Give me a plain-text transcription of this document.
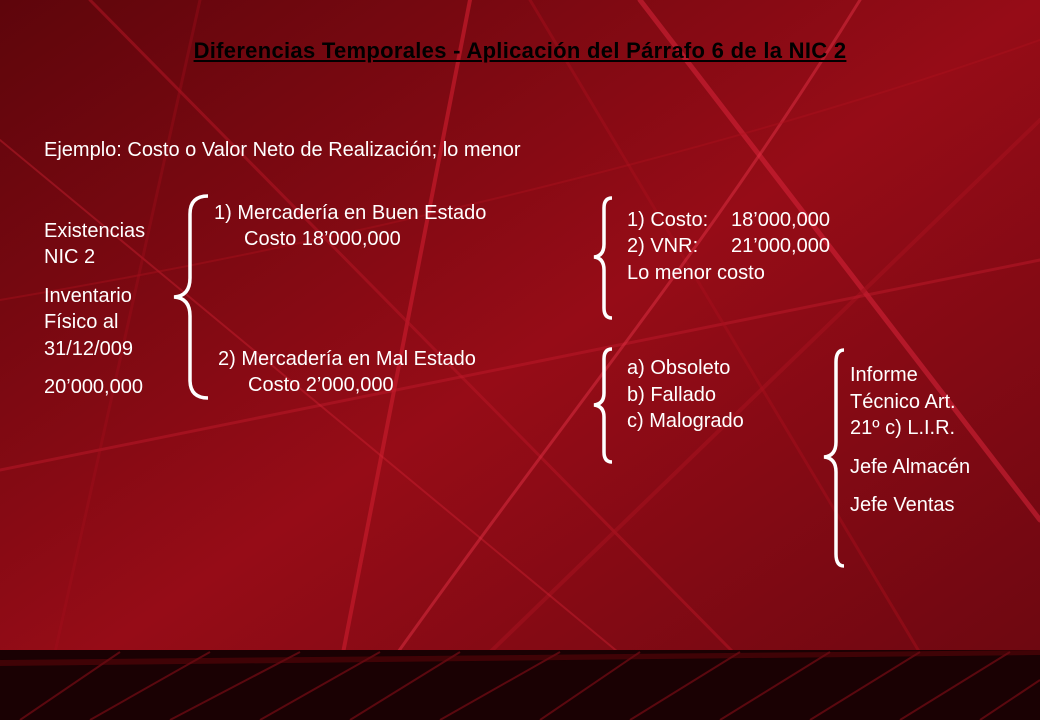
Diferencias Temporales - Aplicación del Párrafo 6 de la NIC 2
Ejemplo: Costo o Valor Neto de Realización; lo menor
Existencias
NIC 2
Inventario
Físico al
31/12/009
20’000,000
1) Mercadería en Buen Estado
Costo 18’000,000
2) Mercadería en Mal Estado
Costo 2’000,000
1) Costo: 18’000,000
2) VNR: 21’000,000
Lo menor costo
a) Obsoleto
b) Fallado
c) Malogrado
Informe
Técnico Art.
21º c) L.I.R.
Jefe Almacén
Jefe Ventas
